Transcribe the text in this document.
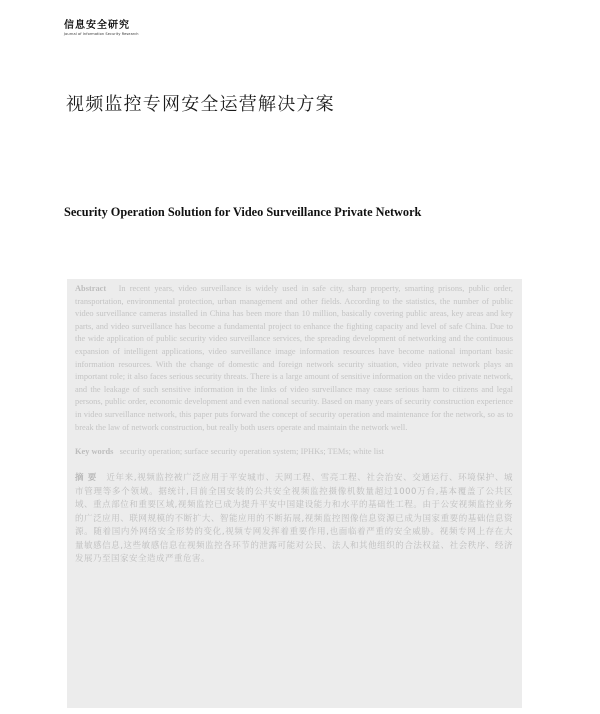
信息安全研究
Journal of Information Security Research
视频监控专网安全运营解决方案
Security Operation Solution for Video Surveillance Private Network

Abstract In recent years, video surveillance is widely used in safe city, sharp property, smarting prisons, public order, transportation, environmental protection, urban management and other fields. According to the statistics, the number of public video surveillance cameras installed in China has been more than 10 million, basically covering public areas, key areas and key parts, and video surveillance has become a fundamental project to enhance the fighting capacity and level of safe China. Due to the wide application of public security video surveillance services, the spreading development of networking and the continuous expansion of intelligent applications, video surveillance image information resources have become national important basic information resources. With the change of domestic and foreign network security situation, video private network plays an important role; it also faces serious security threats. There is a large amount of sensitive information on the video private network, and the leakage of such sensitive information in the links of video surveillance may cause serious harm to citizens and legal persons, public order, economic development and even national security. Based on many years of security construction experience in video surveillance network, this paper puts forward the concept of security operation and maintenance for the network, so as to break the law of network construction, but really both users operate and maintain the network well.

Key words security operation; surface security operation system; IPHKs; TEMs; white list

摘 要 近年来,视频监控被广泛应用于平安城市、天网工程、雪亮工程、社会治安、交通运行、环境保护、城市管理等多个领域。据统计,目前全国安装的公共安全视频监控摄像机数量超过1000万台,基本覆盖了公共区域、重点部位和重要区域,视频监控已成为提升平安中国建设能力和水平的基础性工程。由于公安视频监控业务的广泛应用、联网规模的不断扩大、智能应用的不断拓展,视频监控图像信息资源已成为国家重要的基础信息资源。随着国内外网络安全形势的变化,视频专网发挥着重要作用,也面临着严重的安全威胁。视频专网上存在大量敏感信息,这些敏感信息在视频监控各环节的泄露可能对公民、法人和其他组织的合法权益、社会秩序、经济发展乃至国家安全造成严重危害。
